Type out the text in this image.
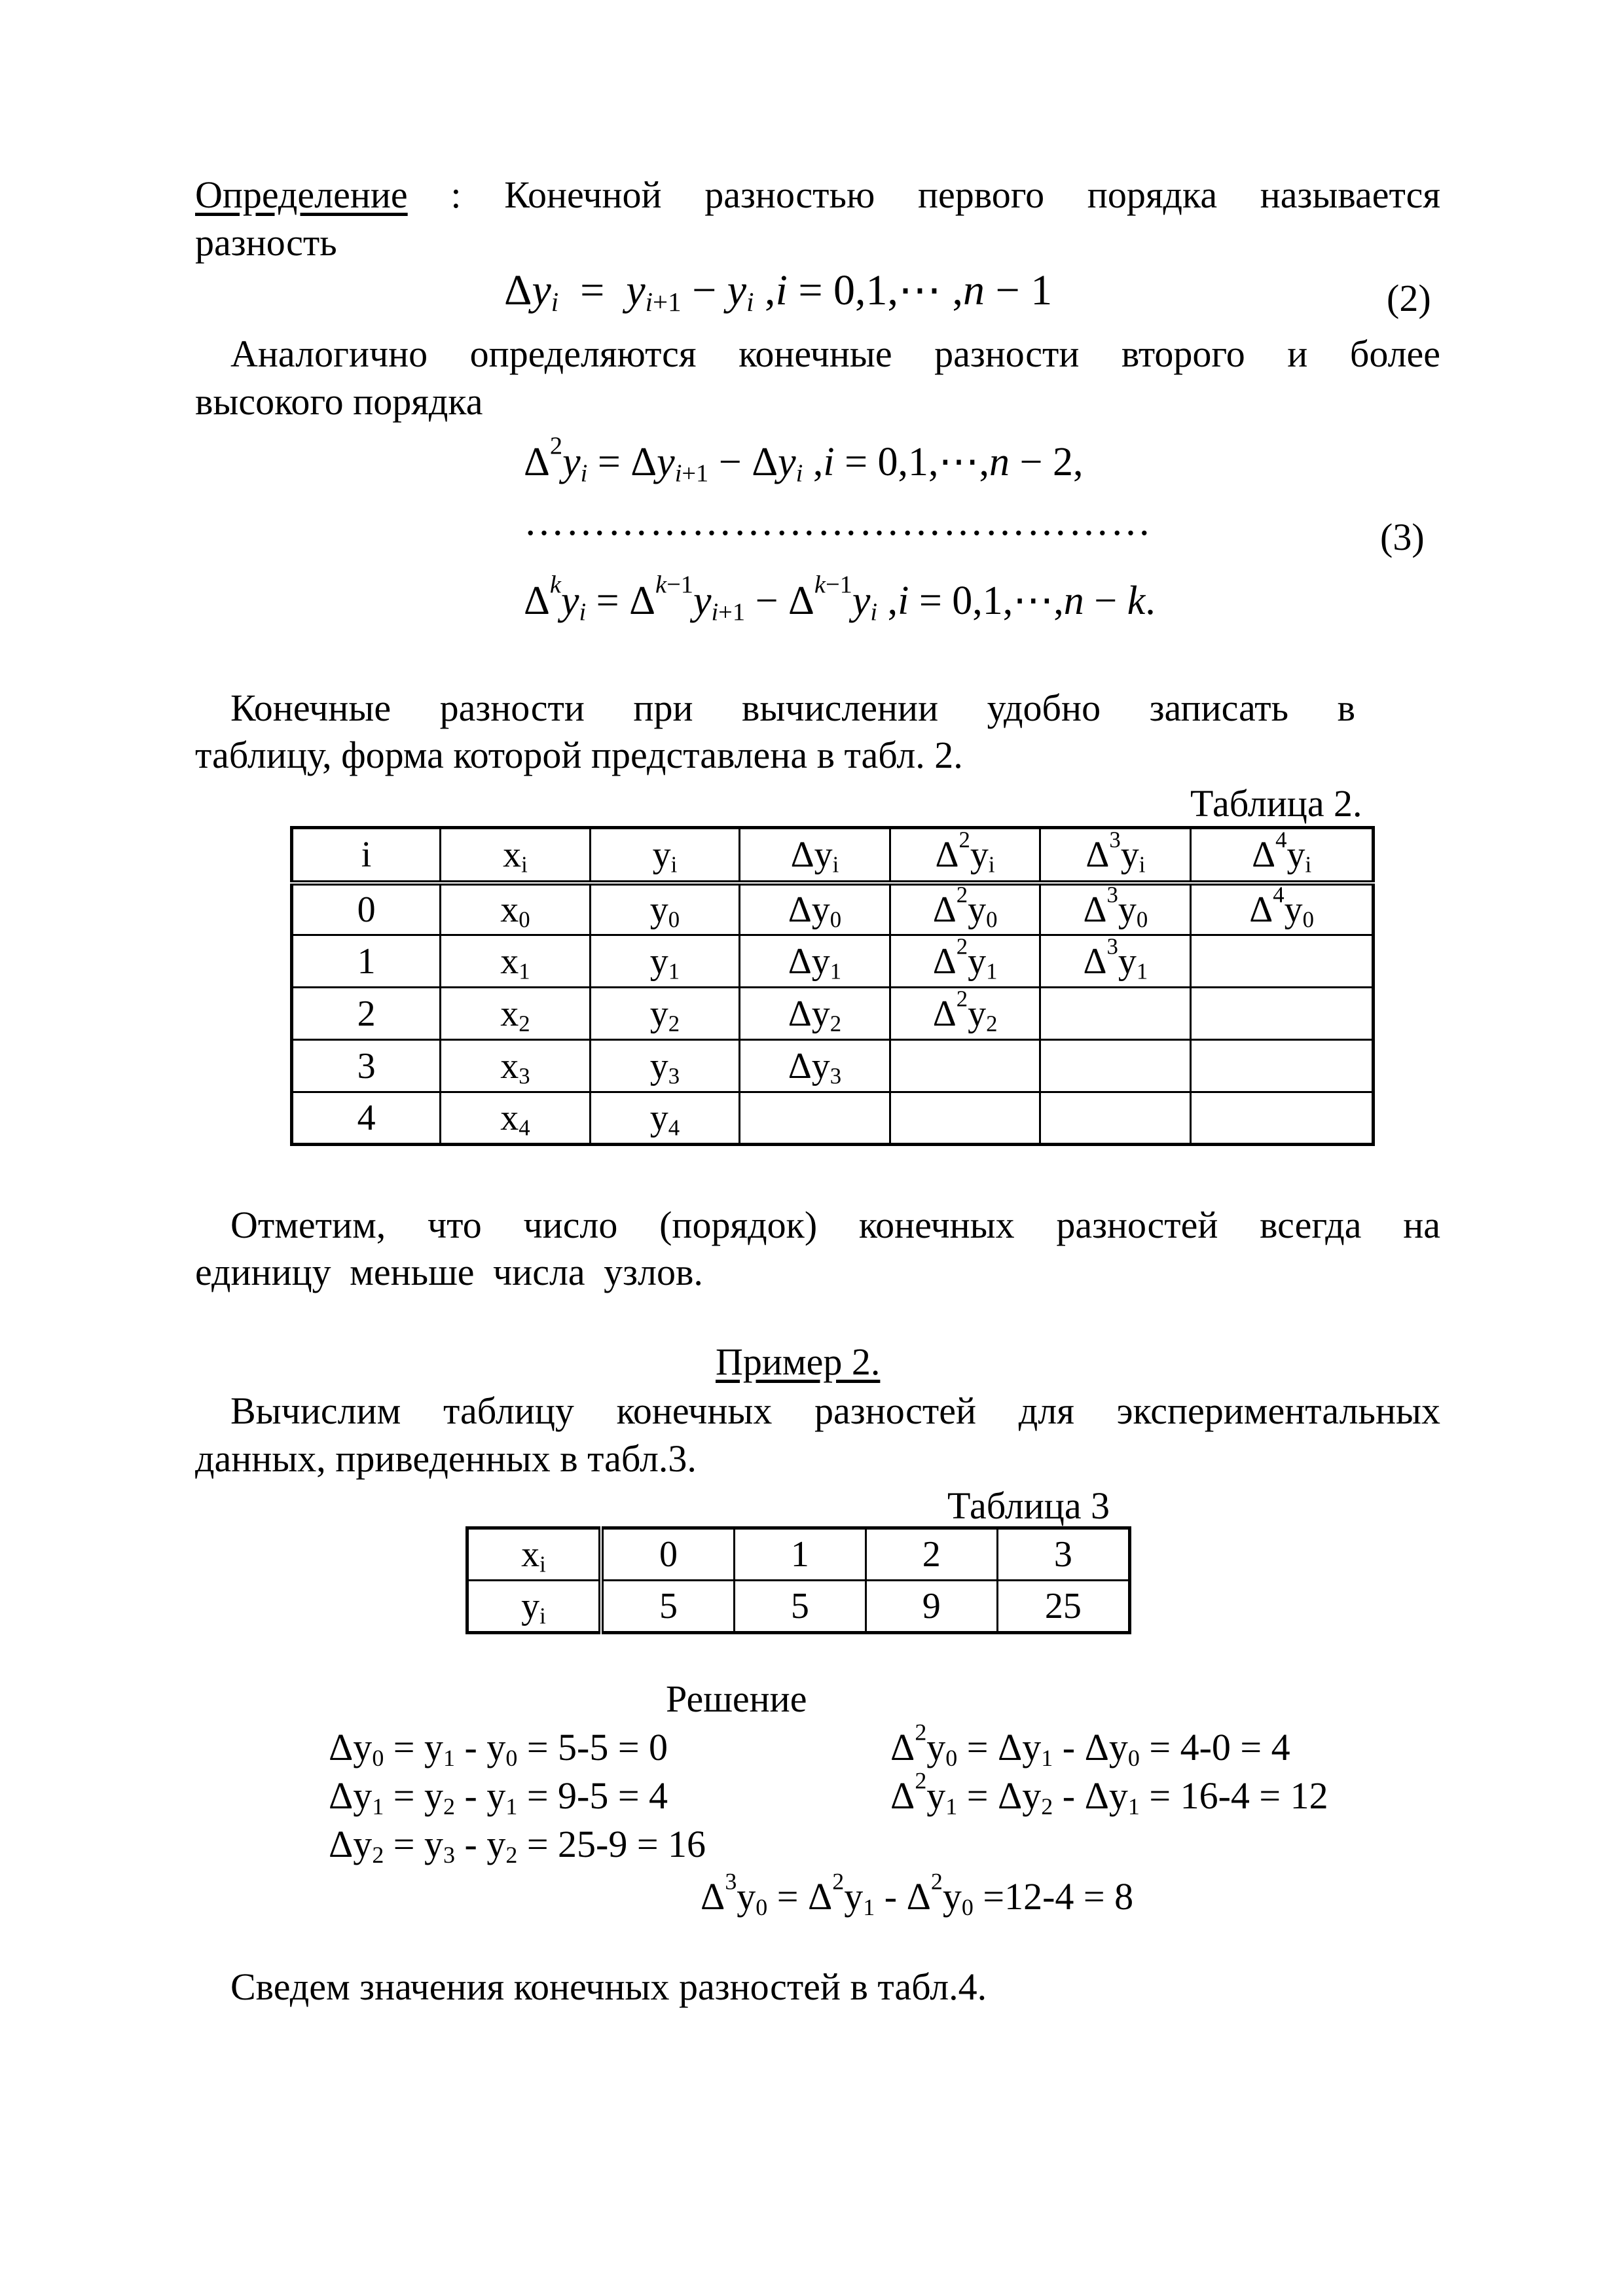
Определение : Конечной разностью первого порядка называется
разность
$\Delta y_i = y_{i+1} - y_i$ ,i = 0,1,⋯ ,n − 1	(2)
Аналогично определяются конечные разности второго и более
высокого порядка
$\Delta^2y_i = \Delta y_{i+1} - \Delta y_i$ ,i = 0,1,⋯,n − 2,
………………………………………	(3)
$\Delta^ky_i = \Delta^{k-1}y_{i+1} - \Delta^{k-1}y_i$ ,i = 0,1,⋯,n − k.
Конечные разности при вычислении удобно записать в
таблицу, форма которой представлена в табл. 2.
Таблица 2.
i	$x_i$	$y_i$	$\Delta y_i$	$\Delta^2y_i$	$\Delta^3y_i$	$\Delta^4y_i$
0	$x_0$	$y_0$	$\Delta y_0$	$\Delta^2y_0$	$\Delta^3y_0$	$\Delta^4y_0$
1	$x_1$	$y_1$	$\Delta y_1$	$\Delta^2y_1$	$\Delta^3y_1$	
2	$x_2$	$y_2$	$\Delta y_2$	$\Delta^2y_2$		
3	$x_3$	$y_3$	$\Delta y_3$			
4	$x_4$	$y_4$				
Отметим, что число (порядок) конечных разностей всегда на
единицу меньше числа узлов.
Пример 2.
Вычислим таблицу конечных разностей для экспериментальных
данных, приведенных в табл.3.
Таблица 3
$x_i$	0	1	2	3
$y_i$	5	5	9	25
Решение
$\Delta y_0 = y_1 - y_0 = 5-5 = 0$
$\Delta y_1 = y_2 - y_1 = 9-5 = 4$
$\Delta y_2 = y_3 - y_2 = 25-9 = 16$
$\Delta^2y_0 = \Delta y_1 - \Delta y_0 = 4-0 = 4$
$\Delta^2y_1 = \Delta y_2 - \Delta y_1 = 16-4 = 12$
$\Delta^3y_0 = \Delta^2y_1 - \Delta^2y_0 =12-4 = 8$
Сведем значения конечных разностей в табл.4.
